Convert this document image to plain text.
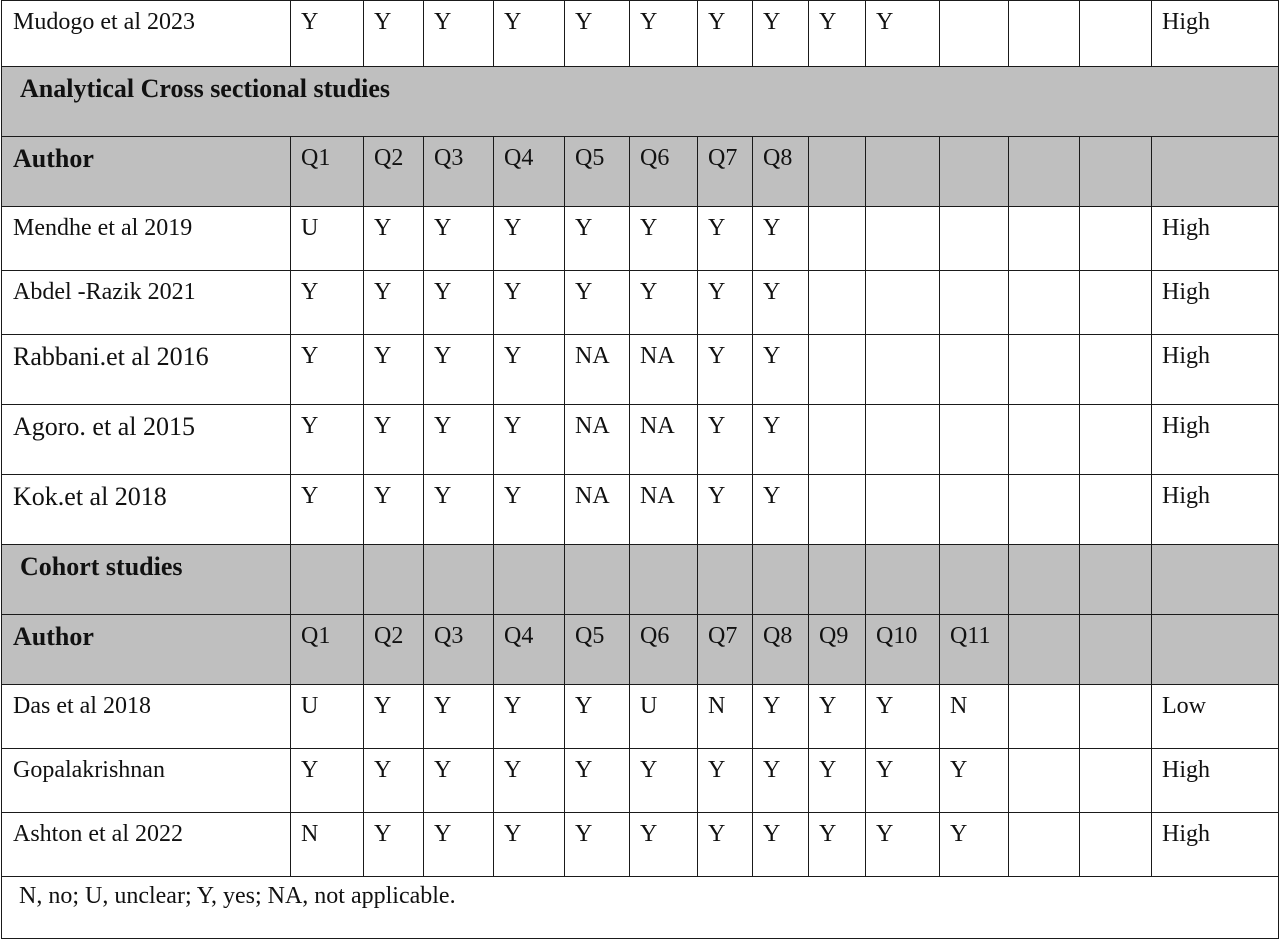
Mudogo et al 2023	Y	Y	Y	Y	Y	Y	Y	Y	Y	Y				High
Analytical Cross sectional studies														
Author	Q1	Q2	Q3	Q4	Q5	Q6	Q7	Q8						
Mendhe et al 2019	U	Y	Y	Y	Y	Y	Y	Y						High
Abdel -Razik 2021	Y	Y	Y	Y	Y	Y	Y	Y						High
Rabbani.et al 2016	Y	Y	Y	Y	NA	NA	Y	Y						High
Agoro. et al 2015	Y	Y	Y	Y	NA	NA	Y	Y						High
Kok.et al 2018	Y	Y	Y	Y	NA	NA	Y	Y						High
Cohort studies														
Author	Q1	Q2	Q3	Q4	Q5	Q6	Q7	Q8	Q9	Q10	Q11			
Das et al 2018	U	Y	Y	Y	Y	U	N	Y	Y	Y	N			Low
Gopalakrishnan	Y	Y	Y	Y	Y	Y	Y	Y	Y	Y	Y			High
Ashton et al 2022	N	Y	Y	Y	Y	Y	Y	Y	Y	Y	Y			High
N, no; U, unclear; Y, yes; NA, not applicable.														
